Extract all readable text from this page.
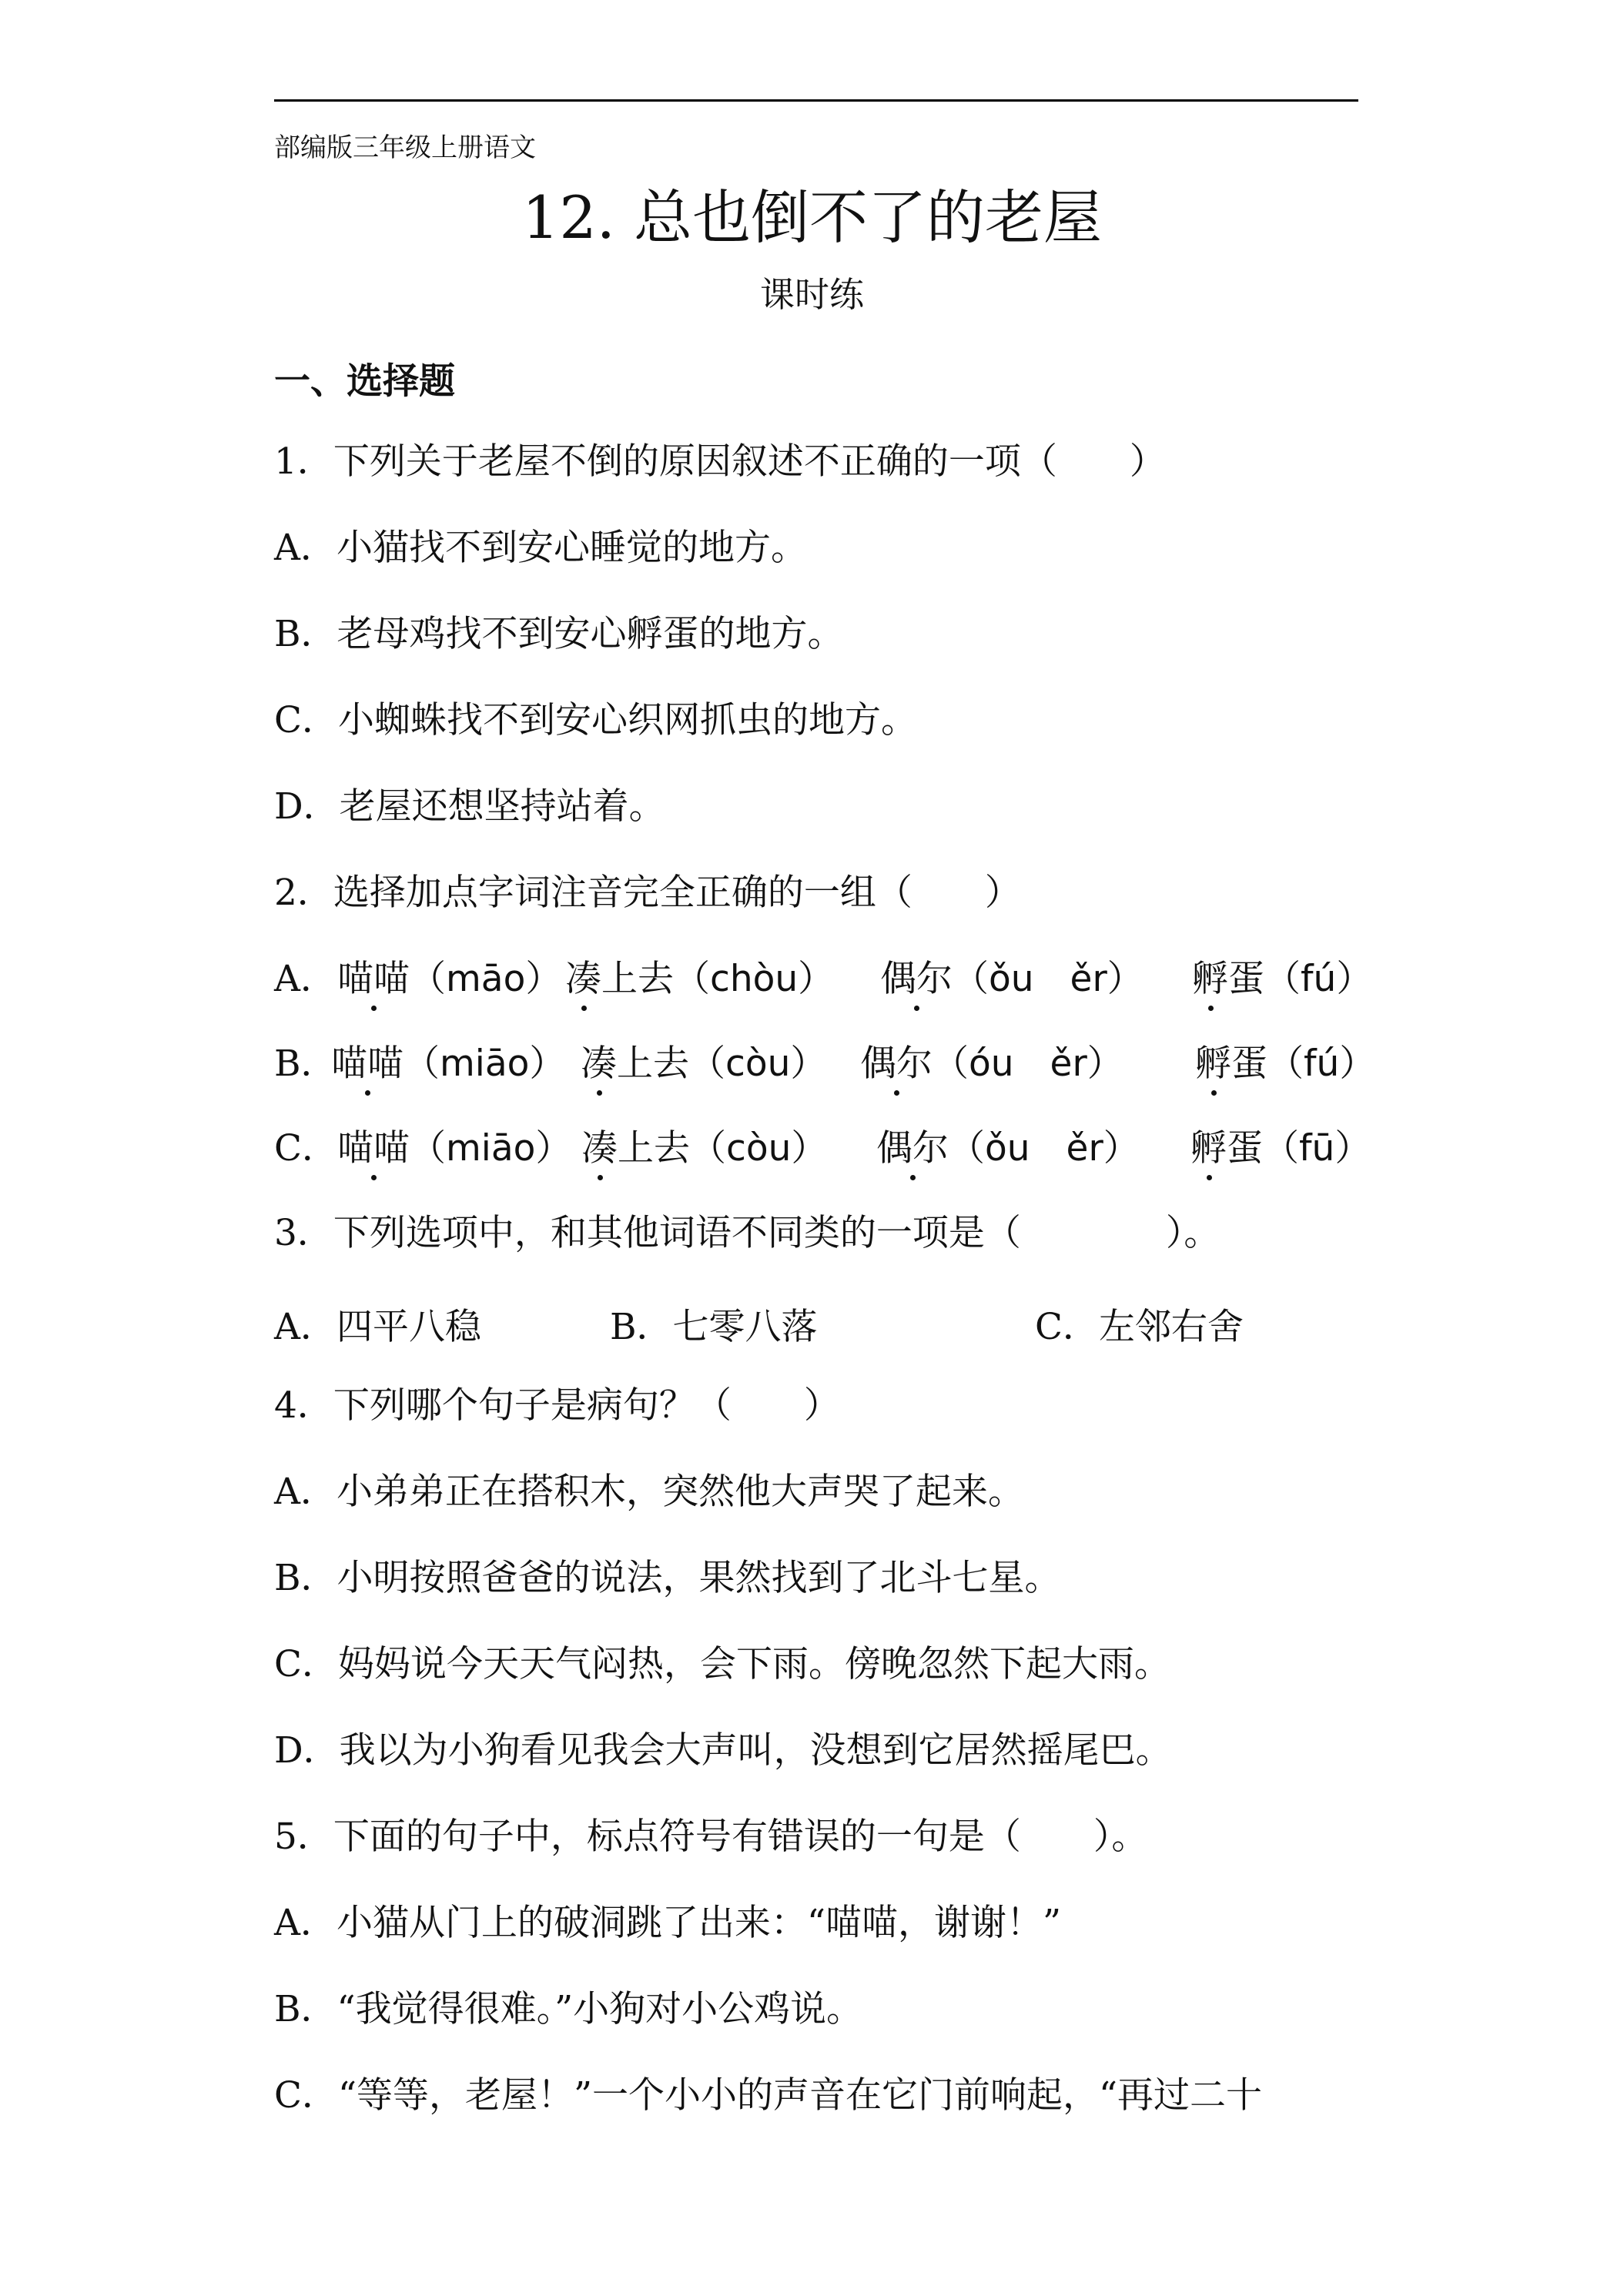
部编版三年级上册语文
12. 总也倒不了的老屋
课时练
一、选择题
1．下列关于老屋不倒的原因叙述不正确的一项（　　）
A．小猫找不到安心睡觉的地方。
B．老母鸡找不到安心孵蛋的地方。
C．小蜘蛛找不到安心织网抓虫的地方。
D．老屋还想坚持站着。
2．选择加点字词注音完全正确的一组（　　）
A． 喵喵（māo） 凑上去（chòu） 偶尔（ǒu　ěr） 孵蛋（fú）
B．
喵喵（miāo） 凑上去（còu） 偶尔（óu　ěr） 孵蛋（fú）
C． 喵喵（miāo） 凑上去（còu） 偶尔（ǒu　ěr） 孵蛋（fū）
3．下列选项中，和其他词语不同类的一项是（　　　　）。
A．四平八稳	B．七零八落	C．左邻右舍
4．下列哪个句子是病句？（　　）
A．小弟弟正在搭积木，突然他大声哭了起来。
B．小明按照爸爸的说法，果然找到了北斗七星。
C．妈妈说今天天气闷热，会下雨。傍晚忽然下起大雨。
D．我以为小狗看见我会大声叫，没想到它居然摇尾巴。
5．下面的句子中，标点符号有错误的一句是（　　）。
A．小猫从门上的破洞跳了出来：“喵喵，谢谢！”
B．“我觉得很难。”小狗对小公鸡说。
C．“等等，老屋！”一个小小的声音在它门前响起，“再过二十
